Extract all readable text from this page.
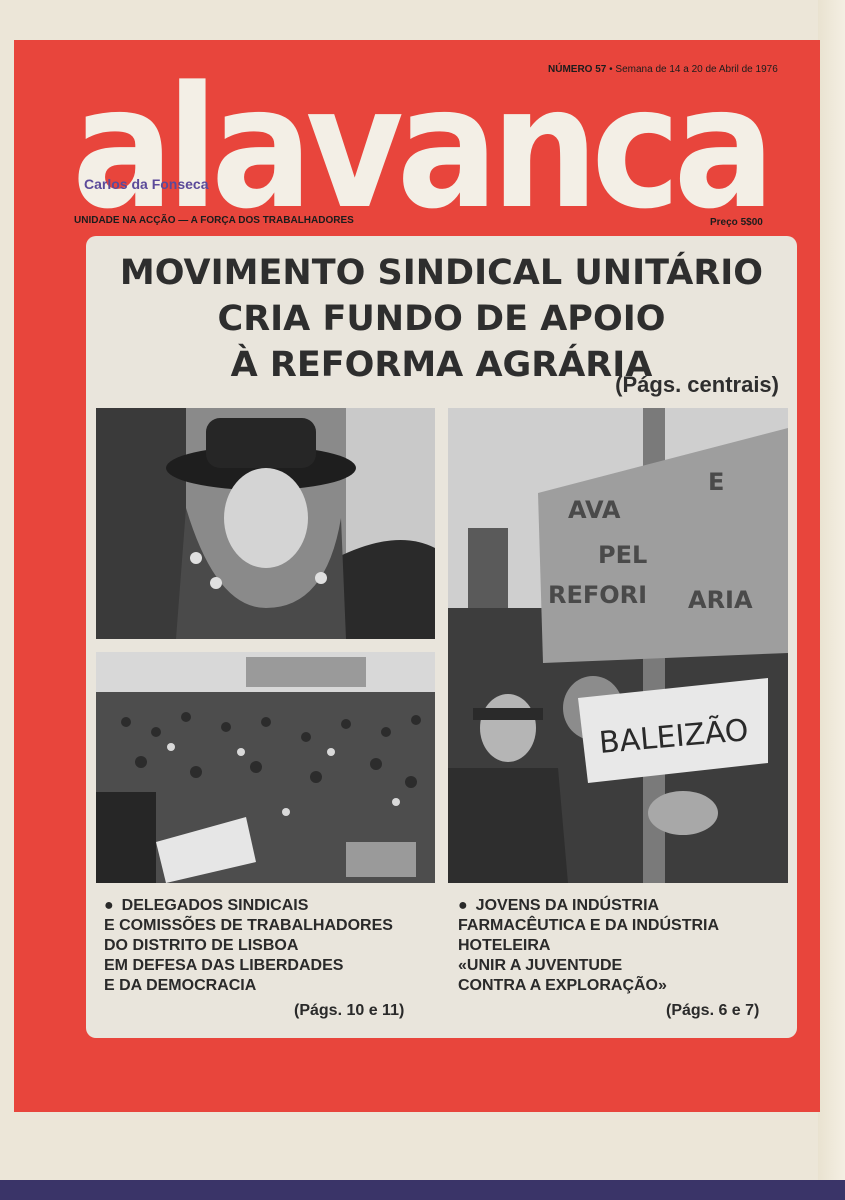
NÚMERO 57 • Semana de 14 a 20 de Abril de 1976
alavanca
Carlos da Fonseca
UNIDADE NA ACÇÃO — A FORÇA DOS TRABALHADORES	Preço 5$00
MOVIMENTO SINDICAL UNITÁRIO
CRIA FUNDO DE APOIO
À REFORMA AGRÁRIA
(Págs. centrais)
AVA
E
PEL
REFORI ARIA
BALEIZÃO
● DELEGADOS SINDICAIS
E COMISSÕES DE TRABALHADORES
DO DISTRITO DE LISBOA
EM DEFESA DAS LIBERDADES
E DA DEMOCRACIA
(Págs. 10 e 11)
● JOVENS DA INDÚSTRIA
FARMACÊUTICA E DA INDÚSTRIA
HOTELEIRA
«UNIR A JUVENTUDE
CONTRA A EXPLORAÇÃO»
(Págs. 6 e 7)
